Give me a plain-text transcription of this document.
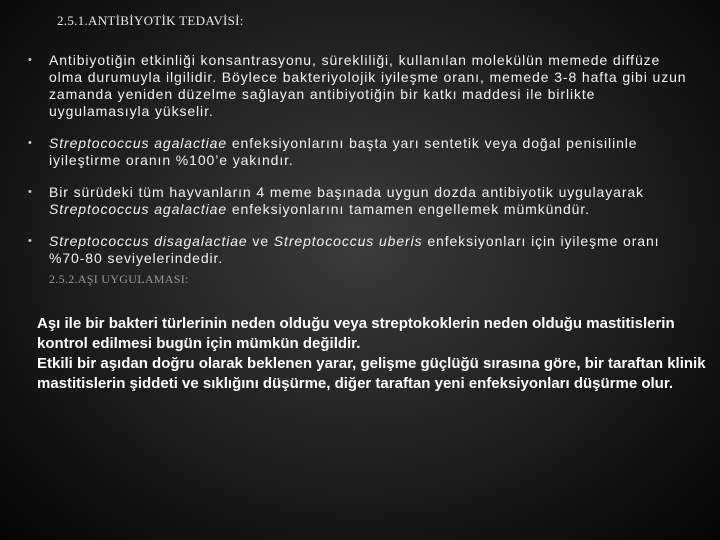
2.5.1.ANTİBİYOTİK TEDAVİSİ:
• Antibiyotiğin etkinliği konsantrasyonu, sürekliliği, kullanılan molekülün memede diffüze olma durumuyla ilgilidir. Böylece bakteriyolojik iyileşme oranı, memede 3-8 hafta gibi uzun zamanda yeniden düzelme sağlayan antibiyotiğin bir katkı maddesi ile birlikte uygulamasıyla yükselir.
• Streptococcus agalactiae enfeksiyonlarını başta yarı sentetik veya doğal penisilinle iyileştirme oranın %100’e yakındır.
• Bir sürüdeki tüm hayvanların 4 meme başınada uygun dozda antibiyotik uygulayarak Streptococcus agalactiae enfeksiyonlarını tamamen engellemek mümkündür.
• Streptococcus disagalactiae ve Streptococcus uberis enfeksiyonları için iyileşme oranı %70-80 seviyelerindedir.
2.5.2.AŞI UYGULAMASI:
Aşı ile bir bakteri türlerinin neden olduğu veya streptokoklerin neden olduğu mastitislerin kontrol edilmesi bugün için mümkün değildir.
Etkili bir aşıdan doğru olarak beklenen yarar, gelişme güçlüğü sırasına göre, bir taraftan klinik mastitislerin şiddeti ve sıklığını düşürme, diğer taraftan yeni enfeksiyonları düşürme olur.
